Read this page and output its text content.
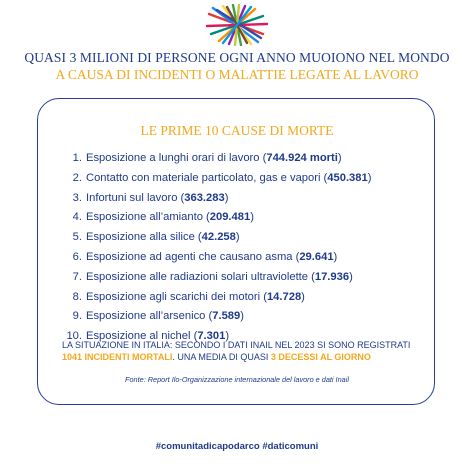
QUASI 3 MILIONI DI PERSONE OGNI ANNO MUOIONO NEL MONDO
A CAUSA DI INCIDENTI O MALATTIE LEGATE AL LAVORO
LE PRIME 10 CAUSE DI MORTE
1. Esposizione a lunghi orari di lavoro (744.924 morti)
2. Contatto con materiale particolato, gas e vapori (450.381)
3. Infortuni sul lavoro (363.283)
4. Esposizione all’amianto (209.481)
5. Esposizione alla silice (42.258)
6. Esposizione ad agenti che causano asma (29.641)
7. Esposizione alle radiazioni solari ultraviolette (17.936)
8. Esposizione agli scarichi dei motori (14.728)
9. Esposizione all’arsenico (7.589)
10. Esposizione al nichel (7.301)
LA SITUAZIONE IN ITALIA: SECONDO I DATI INAIL NEL 2023 SI SONO REGISTRATI
1041 INCIDENTI MORTALI. UNA MEDIA DI QUASI 3 DECESSI AL GIORNO
Fonte: Report Ilo-Organizzazione internazionale del lavoro e dati Inail
#comunitadicapodarco #daticomuni
